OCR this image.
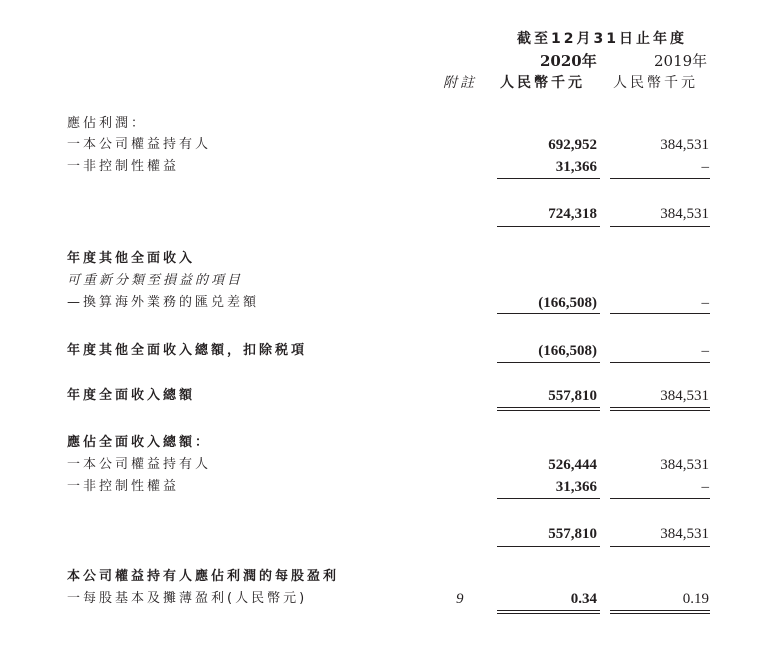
截至12月31日止年度
2020年	2019年
附註 人民幣千元 人民幣千元
應佔利潤：
一本公司權益持有人	692,952	384,531
一非控制性權益	31,366	–
724,318	384,531
年度其他全面收入
可重新分類至損益的項目
—換算海外業務的匯兑差額	(166,508)	–
年度其他全面收入總額，扣除税項	(166,508)	–
年度全面收入總額	557,810	384,531
應佔全面收入總額：
一本公司權益持有人	526,444	384,531
一非控制性權益	31,366	–
557,810	384,531
本公司權益持有人應佔利潤的每股盈利
一每股基本及攤薄盈利(人民幣元)	9	0.34	0.19
